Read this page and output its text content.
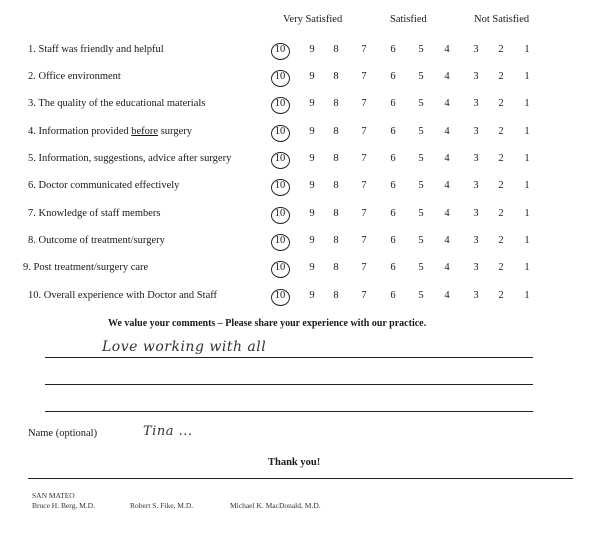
Very Satisfied	Satisfied	Not Satisfied
1. Staff was friendly and helpful	10	9	8	7	6	5	4	3	2	1
2. Office environment	10	9	8	7	6	5	4	3	2	1
3. The quality of the educational materials	10	9	8	7	6	5	4	3	2	1
4. Information provided before surgery	10	9	8	7	6	5	4	3	2	1
5. Information, suggestions, advice after surgery	10	9	8	7	6	5	4	3	2	1
6. Doctor communicated effectively	10	9	8	7	6	5	4	3	2	1
7. Knowledge of staff members	10	9	8	7	6	5	4	3	2	1
8. Outcome of treatment/surgery	10	9	8	7	6	5	4	3	2	1
9. Post treatment/surgery care	10	9	8	7	6	5	4	3	2	1
10. Overall experience with Doctor and Staff	10	9	8	7	6	5	4	3	2	1
We value your comments – Please share your experience with our practice.
Love working with all
Name (optional)	Tina ...
Thank you!
SAN MATEO
Bruce H. Berg, M.D.	Robert S. Fike, M.D.	Michael K. MacDonald, M.D.
